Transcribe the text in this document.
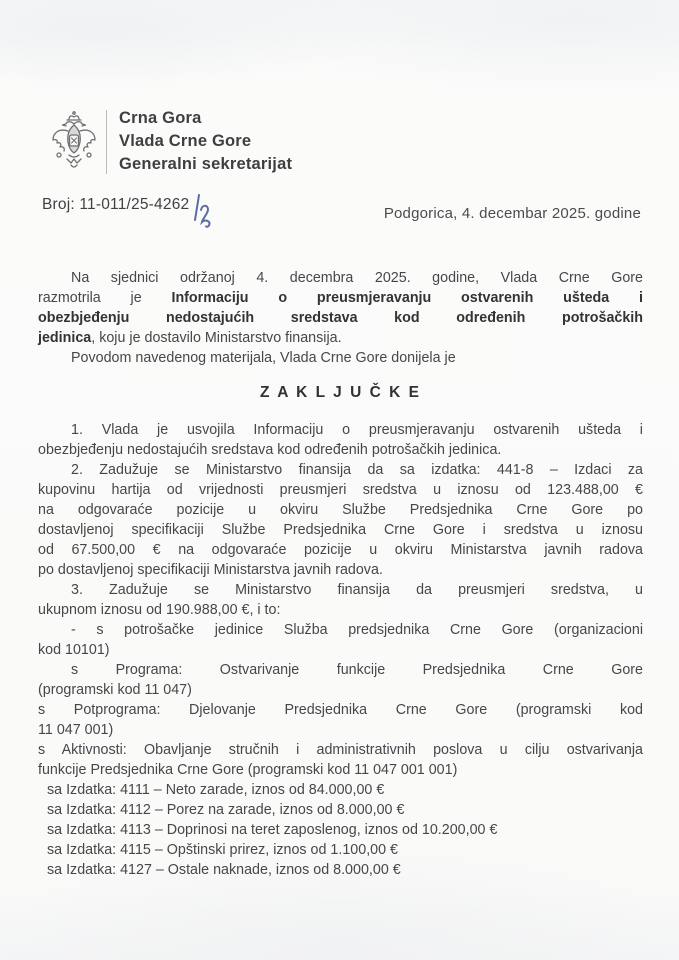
Crna Gora
Vlada Crne Gore
Generalni sekretarijat
Broj: 11-011/25-4262
Podgorica, 4. decembar 2025. godine
Na sjednici održanoj 4. decembra 2025. godine, Vlada Crne Gore
razmotrila je Informaciju o preusmjeravanju ostvarenih ušteda i
obezbjeđenju nedostajućih sredstava kod određenih potrošačkih
jedinica, koju je dostavilo Ministarstvo finansija.
Povodom navedenog materijala, Vlada Crne Gore donijela je
Z A K L J U Č K E
1. Vlada je usvojila Informaciju o preusmjeravanju ostvarenih ušteda i
obezbjeđenju nedostajućih sredstava kod određenih potrošačkih jedinica.
2. Zadužuje se Ministarstvo finansija da sa izdatka: 441-8 – Izdaci za
kupovinu hartija od vrijednosti preusmjeri sredstva u iznosu od 123.488,00 €
na odgovaraće pozicije u okviru Službe Predsjednika Crne Gore po
dostavljenoj specifikaciji Službe Predsjednika Crne Gore i sredstva u iznosu
od 67.500,00 € na odgovaraće pozicije u okviru Ministarstva javnih radova
po dostavljenoj specifikaciji Ministarstva javnih radova.
3. Zadužuje se Ministarstvo finansija da preusmjeri sredstva, u
ukupnom iznosu od 190.988,00 €, i to:
- s potrošačke jedinice Služba predsjednika Crne Gore (organizacioni
kod 10101)
s Programa: Ostvarivanje funkcije Predsjednika Crne Gore
(programski kod 11 047)
s Potprograma: Djelovanje Predsjednika Crne Gore (programski kod
11 047 001)
s Aktivnosti: Obavljanje stručnih i administrativnih poslova u cilju ostvarivanja
funkcije Predsjednika Crne Gore (programski kod 11 047 001 001)
sa Izdatka: 4111 – Neto zarade, iznos od 84.000,00 €
sa Izdatka: 4112 – Porez na zarade, iznos od 8.000,00 €
sa Izdatka: 4113 – Doprinosi na teret zaposlenog, iznos od 10.200,00 €
sa Izdatka: 4115 – Opštinski prirez, iznos od 1.100,00 €
sa Izdatka: 4127 – Ostale naknade, iznos od 8.000,00 €
